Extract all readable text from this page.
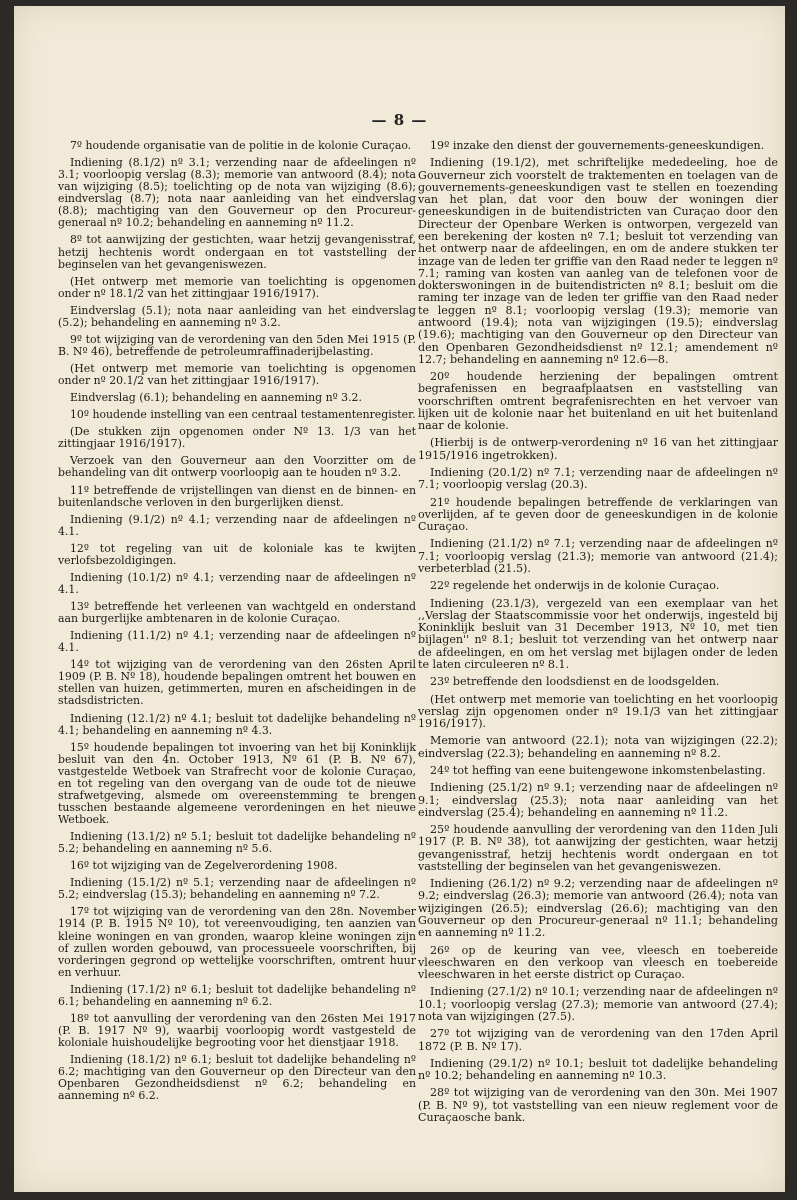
— 8 —

7º houdende organisatie van de politie in de kolonie Curaçao.

Indiening (8.1/2) nº 3.1; verzending naar de afdeelingen nº 3.1; voorloopig verslag (8.3); memorie van antwoord (8.4); nota van wijziging (8.5); toelichting op de nota van wijziging (8.6); eindverslag (8.7); nota naar aanleiding van het eindverslag (8.8); machtiging van den Gouverneur op den Procureur-generaal nº 10.2; behandeling en aanneming nº 11.2.

8º tot aanwijzing der gestichten, waar hetzij gevangenisstraf, hetzij hechtenis wordt ondergaan en tot vaststelling der beginselen van het gevangeniswezen.

(Het ontwerp met memorie van toelichting is opgenomen onder nº 18.1/2 van het zittingjaar 1916/1917).

Eindverslag (5.1); nota naar aanleiding van het eindverslag (5.2); behandeling en aanneming nº 3.2.

9º tot wijziging van de verordening van den 5den Mei 1915 (P. B. Nº 46), betreffende de petroleumraffinaderijbelasting.

(Het ontwerp met memorie van toelichting is opgenomen onder nº 20.1/2 van het zittingjaar 1916/1917).

Eindverslag (6.1); behandeling en aanneming nº 3.2.

10º houdende instelling van een centraal testamentenregister.

(De stukken zijn opgenomen onder Nº 13. 1/3 van het zittingjaar 1916/1917).

Verzoek van den Gouverneur aan den Voorzitter om de behandeling van dit ontwerp voorloopig aan te houden nº 3.2.

11º betreffende de vrijstellingen van dienst en de binnen- en buitenlandsche verloven in den burgerlijken dienst.

Indiening (9.1/2) nº 4.1; verzending naar de afdeelingen nº 4.1.

12º tot regeling van uit de koloniale kas te kwijten verlofsbezoldigingen.

Indiening (10.1/2) nº 4.1; verzending naar de afdeelingen nº 4.1.

13º betreffende het verleenen van wachtgeld en onderstand aan burgerlijke ambtenaren in de kolonie Curaçao.

Indiening (11.1/2) nº 4.1; verzending naar de afdeelingen nº 4.1.

14º tot wijziging van de verordening van den 26sten April 1909 (P. B. Nº 18), houdende bepalingen omtrent het bouwen en stellen van huizen, getimmerten, muren en afscheidingen in de stadsdistricten.

Indiening (12.1/2) nº 4.1; besluit tot dadelijke behandeling nº 4.1; behandeling en aanneming nº 4.3.

15º houdende bepalingen tot invoering van het bij Koninklijk besluit van den 4n. October 1913, Nº 61 (P. B. Nº 67), vastgestelde Wetboek van Strafrecht voor de kolonie Curaçao, en tot regeling van den overgang van de oude tot de nieuwe strafwetgeving, alsmede om overeenstemming te brengen tusschen bestaande algemeene verordeningen en het nieuwe Wetboek.

Indiening (13.1/2) nº 5.1; besluit tot dadelijke behandeling nº 5.2; behandeling en aanneming nº 5.6.

16º tot wijziging van de Zegelverordening 1908.

Indiening (15.1/2) nº 5.1; verzending naar de afdeelingen nº 5.2; eindverslag (15.3); behandeling en aanneming nº 7.2.

17º tot wijziging van de verordening van den 28n. November 1914 (P. B. 1915 Nº 10), tot vereenvoudiging, ten aanzien van kleine woningen en van gronden, waarop kleine woningen zijn of zullen worden gebouwd, van processueele voorschriften, bij vorderingen gegrond op wettelijke voorschriften, omtrent huur en verhuur.

Indiening (17.1/2) nº 6.1; besluit tot dadelijke behandeling nº 6.1; behandeling en aanneming nº 6.2.

18º tot aanvulling der verordening van den 26sten Mei 1917 (P. B. 1917 Nº 9), waarbij voorloopig wordt vastgesteld de koloniale huishoudelijke begrooting voor het dienstjaar 1918.

Indiening (18.1/2) nº 6.1; besluit tot dadelijke behandeling nº 6.2; machtiging van den Gouverneur op den Directeur van den Openbaren Gezondheidsdienst nº 6.2; behandeling en aanneming nº 6.2.

19º inzake den dienst der gouvernements-geneeskundigen.

Indiening (19.1/2), met schriftelijke mededeeling, hoe de Gouverneur zich voorstelt de traktementen en toelagen van de gouvernements-geneeskundigen vast te stellen en toezending van het plan, dat voor den bouw der woningen dier geneeskundigen in de buitendistricten van Curaçao door den Directeur der Openbare Werken is ontworpen, vergezeld van een berekening der kosten nº 7.1; besluit tot verzending van het ontwerp naar de afdeelingen, en om de andere stukken ter inzage van de leden ter griffie van den Raad neder te leggen nº 7.1; raming van kosten van aanleg van de telefonen voor de dokterswoningen in de buitendistricten nº 8.1; besluit om die raming ter inzage van de leden ter griffie van den Raad neder te leggen nº 8.1; voorloopig verslag (19.3); memorie van antwoord (19.4); nota van wijzigingen (19.5); eindverslag (19.6); machtiging van den Gouverneur op den Directeur van den Openbaren Gezondheidsdienst nº 12.1; amendement nº 12.7; behandeling en aanneming nº 12.6—8.

20º houdende herziening der bepalingen omtrent begrafenissen en begraafplaatsen en vaststelling van voorschriften omtrent begrafenisrechten en het vervoer van lijken uit de kolonie naar het buitenland en uit het buitenland naar de kolonie.

(Hierbij is de ontwerp-verordening nº 16 van het zittingjaar 1915/1916 ingetrokken).

Indiening (20.1/2) nº 7.1; verzending naar de afdeelingen nº 7.1; voorloopig verslag (20.3).

21º houdende bepalingen betreffende de verklaringen van overlijden, af te geven door de geneeskundigen in de kolonie Curaçao.

Indiening (21.1/2) nº 7.1; verzending naar de afdeelingen nº 7.1; voorloopig verslag (21.3); memorie van antwoord (21.4); verbeterblad (21.5).

22º regelende het onderwijs in de kolonie Curaçao.

Indiening (23.1/3), vergezeld van een exemplaar van het ,,Verslag der Staatscommissie voor het onderwijs, ingesteld bij Koninklijk besluit van 31 December 1913, Nº 10, met tien bijlagen'' nº 8.1; besluit tot verzending van het ontwerp naar de afdeelingen, en om het verslag met bijlagen onder de leden te laten circuleeren nº 8.1.

23º betreffende den loodsdienst en de loodsgelden.

(Het ontwerp met memorie van toelichting en het voorloopig verslag zijn opgenomen onder nº 19.1/3 van het zittingjaar 1916/1917).

Memorie van antwoord (22.1); nota van wijzigingen (22.2); eindverslag (22.3); behandeling en aanneming nº 8.2.

24º tot heffing van eene buitengewone inkomstenbelasting.

Indiening (25.1/2) nº 9.1; verzending naar de afdeelingen nº 9.1; eindverslag (25.3); nota naar aanleiding van het eindverslag (25.4); behandeling en aanneming nº 11.2.

25º houdende aanvulling der verordening van den 11den Juli 1917 (P. B. Nº 38), tot aanwijzing der gestichten, waar hetzij gevangenisstraf, hetzij hechtenis wordt ondergaan en tot vaststelling der beginselen van het gevangeniswezen.

Indiening (26.1/2) nº 9.2; verzending naar de afdeelingen nº 9.2; eindverslag (26.3); memorie van antwoord (26.4); nota van wijzigingen (26.5); eindverslag (26.6); machtiging van den Gouverneur op den Procureur-generaal nº 11.1; behandeling en aanneming nº 11.2.

26º op de keuring van vee, vleesch en toebereide vleeschwaren en den verkoop van vleesch en toebereide vleeschwaren in het eerste district op Curaçao.

Indiening (27.1/2) nº 10.1; verzending naar de afdeelingen nº 10.1; voorloopig verslag (27.3); memorie van antwoord (27.4); nota van wijzigingen (27.5).

27º tot wijziging van de verordening van den 17den April 1872 (P. B. Nº 17).

Indiening (29.1/2) nº 10.1; besluit tot dadelijke behandeling nº 10.2; behandeling en aanneming nº 10.3.

28º tot wijziging van de verordening van den 30n. Mei 1907 (P. B. Nº 9), tot vaststelling van een nieuw reglement voor de Curaçaosche bank.
